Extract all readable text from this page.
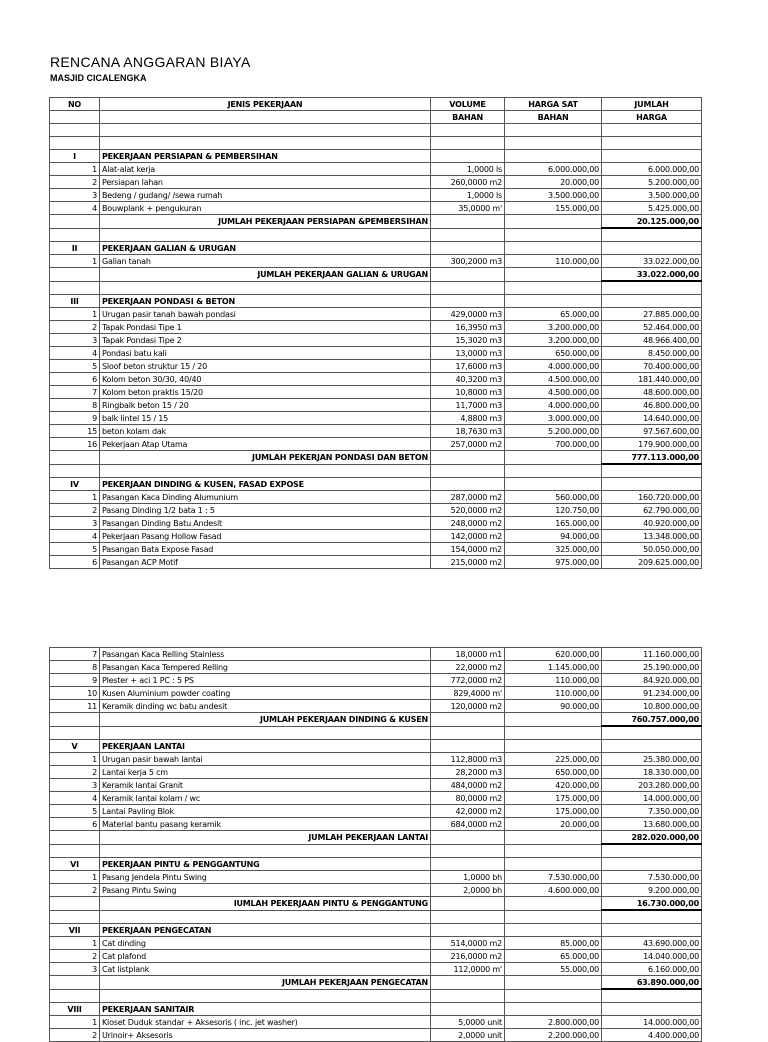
RENCANA ANGGARAN BIAYA
MASJID CICALENGKA
NO	JENIS PEKERJAAN	VOLUME	HARGA SAT	JUMLAH
		BAHAN	BAHAN	HARGA

I	PEKERJAAN PERSIAPAN & PEMBERSIHAN			
1	Alat-alat kerja	1,0000 ls	6.000.000,00	6.000.000,00
2	Persiapan lahan	260,0000 m2	20.000,00	5.200.000,00
3	Bedeng / gudang/ /sewa rumah	1,0000 ls	3.500.000,00	3.500.000,00
4	Bouwplank + pengukuran	35,0000 m'	155.000,00	5.425.000,00
	JUMLAH PEKERJAAN PERSIAPAN &PEMBERSIHAN			20.125.000,00

II	PEKERJAAN GALIAN & URUGAN			
1	Galian tanah	300,2000 m3	110.000,00	33.022.000,00
	JUMLAH PEKERJAAN GALIAN & URUGAN			33.022.000,00

III	PEKERJAAN PONDASI & BETON			
1	Urugan pasir tanah bawah pondasi	429,0000 m3	65.000,00	27.885.000,00
2	Tapak Pondasi Tipe 1	16,3950 m3	3.200.000,00	52.464.000,00
3	Tapak Pondasi Tipe 2	15,3020 m3	3.200.000,00	48.966.400,00
4	Pondasi batu kali	13,0000 m3	650.000,00	8.450.000,00
5	Sloof beton struktur 15 / 20	17,6000 m3	4.000.000,00	70.400.000,00
6	Kolom beton 30/30, 40/40	40,3200 m3	4.500.000,00	181.440.000,00
7	Kolom beton praktis 15/20	10,8000 m3	4.500.000,00	48.600.000,00
8	Ringbalk beton 15 / 20	11,7000 m3	4.000.000,00	46.800.000,00
9	balk lintel 15 / 15	4,8800 m3	3.000.000,00	14.640.000,00
15	beton kolam dak	18,7630 m3	5.200.000,00	97.567.600,00
16	Pekerjaan Atap Utama	257,0000 m2	700.000,00	179.900.000,00
	JUMLAH PEKERJAN PONDASI DAN BETON			777.113.000,00

IV	PEKERJAAN DINDING & KUSEN, FASAD EXPOSE			
1	Pasangan Kaca Dinding Alumunium	287,0000 m2	560.000,00	160.720.000,00
2	Pasang Dinding 1/2 bata 1 : 5	520,0000 m2	120.750,00	62.790.000,00
3	Pasangan Dinding Batu Andesit	248,0000 m2	165.000,00	40.920.000,00
4	Pekerjaan Pasang Hollow Fasad	142,0000 m2	94.000,00	13.348.000,00
5	Pasangan Bata Expose Fasad	154,0000 m2	325.000,00	50.050.000,00
6	Pasangan ACP Motif	215,0000 m2	975.000,00	209.625.000,00
7	Pasangan Kaca Relling Stainless	18,0000 m1	620.000,00	11.160.000,00
8	Pasangan Kaca Tempered Relling	22,0000 m2	1.145.000,00	25.190.000,00
9	Plester + aci 1 PC : 5 PS	772,0000 m2	110.000,00	84.920.000,00
10	Kusen Aluminium powder coating	829,4000 m'	110.000,00	91.234.000,00
11	Keramik dinding wc batu andesit	120,0000 m2	90.000,00	10.800.000,00
	JUMLAH PEKERJAAN DINDING & KUSEN			760.757.000,00

V	PEKERJAAN LANTAI			
1	Urugan pasir bawah lantai	112,8000 m3	225.000,00	25.380.000,00
2	Lantai kerja 5 cm	28,2000 m3	650.000,00	18.330.000,00
3	Keramik lantai Granit	484,0000 m2	420.000,00	203.280.000,00
4	Keramik lantai kolam / wc	80,0000 m2	175.000,00	14.000.000,00
5	Lantai Pavling Blok	42,0000 m2	175.000,00	7.350.000,00
6	Material bantu pasang keramik	684,0000 m2	20.000,00	13.680.000,00
	JUMLAH PEKERJAAN LANTAI			282.020.000,00

VI	PEKERJAAN PINTU & PENGGANTUNG			
1	Pasang Jendela Pintu Swing	1,0000 bh	7.530.000,00	7.530.000,00
2	Pasang Pintu Swing	2,0000 bh	4.600.000,00	9.200.000,00
	IUMLAH PEKERJAAN PINTU & PENGGANTUNG			16.730.000,00

VII	PEKERJAAN PENGECATAN			
1	Cat dinding	514,0000 m2	85.000,00	43.690.000,00
2	Cat plafond	216,0000 m2	65.000,00	14.040.000,00
3	Cat listplank	112,0000 m'	55.000,00	6.160.000,00
	JUMLAH PEKERJAAN PENGECATAN			63.890.000,00

VIII	PEKERJAAN SANITAIR			
1	Kloset Duduk standar + Aksesoris ( inc. jet washer)	5,0000 unit	2.800.000,00	14.000.000,00
2	Urinoir+ Aksesoris	2,0000 unit	2.200.000,00	4.400.000,00
